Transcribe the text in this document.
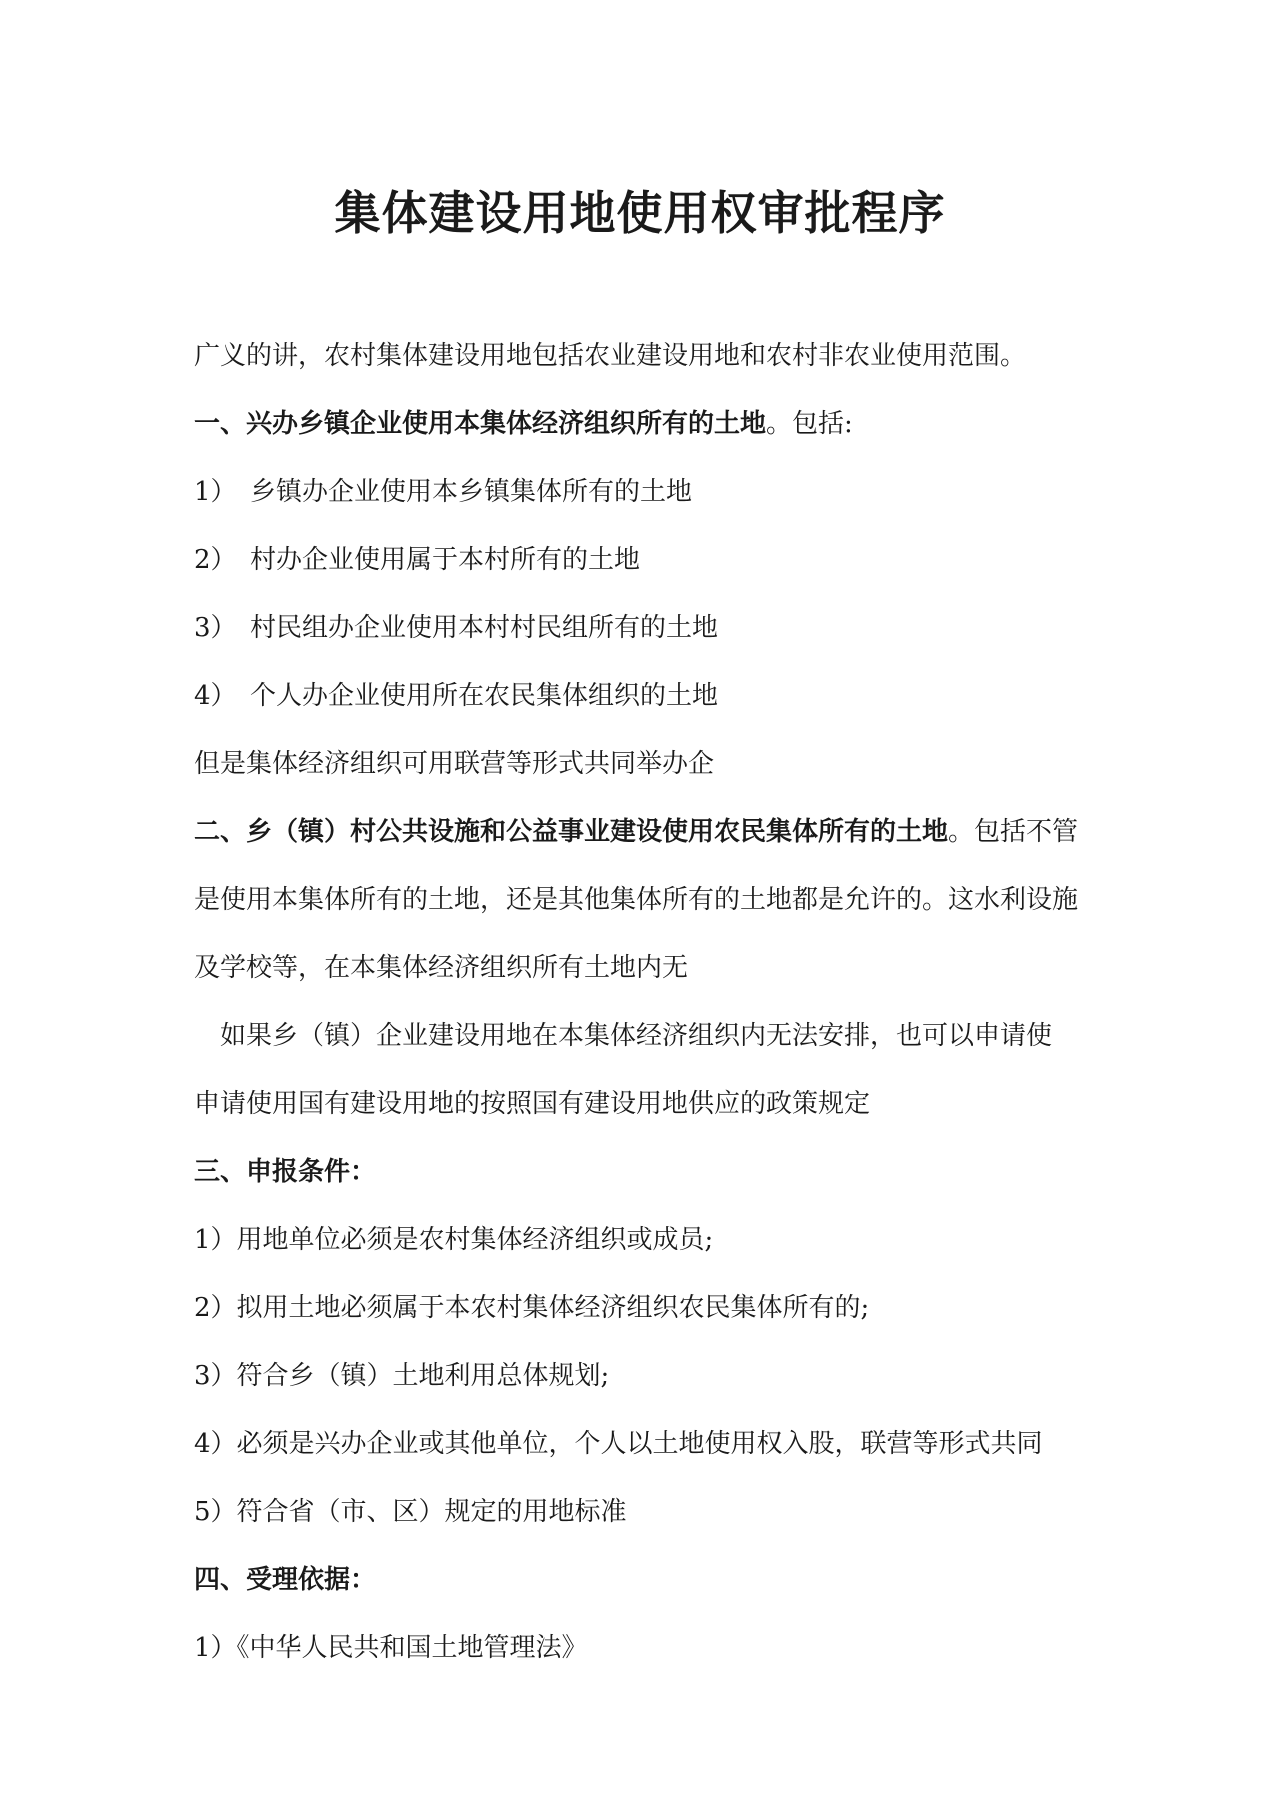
集体建设用地使用权审批程序
广义的讲，农村集体建设用地包括农业建设用地和农村非农业使用范围。
一、兴办乡镇企业使用本集体经济组织所有的土地。包括:
1） 乡镇办企业使用本乡镇集体所有的土地
2） 村办企业使用属于本村所有的土地
3） 村民组办企业使用本村村民组所有的土地
4） 个人办企业使用所在农民集体组织的土地
但是集体经济组织可用联营等形式共同举办企
二、乡（镇）村公共设施和公益事业建设使用农民集体所有的土地。包括不管
是使用本集体所有的土地，还是其他集体所有的土地都是允许的。这水利设施
及学校等，在本集体经济组织所有土地内无
如果乡（镇）企业建设用地在本集体经济组织内无法安排，也可以申请使
申请使用国有建设用地的按照国有建设用地供应的政策规定
三、申报条件：
1）用地单位必须是农村集体经济组织或成员;
2）拟用土地必须属于本农村集体经济组织农民集体所有的;
3）符合乡（镇）土地利用总体规划;
4）必须是兴办企业或其他单位，个人以土地使用权入股，联营等形式共同
5）符合省（市、区）规定的用地标准
四、受理依据：
1）《中华人民共和国土地管理法》
